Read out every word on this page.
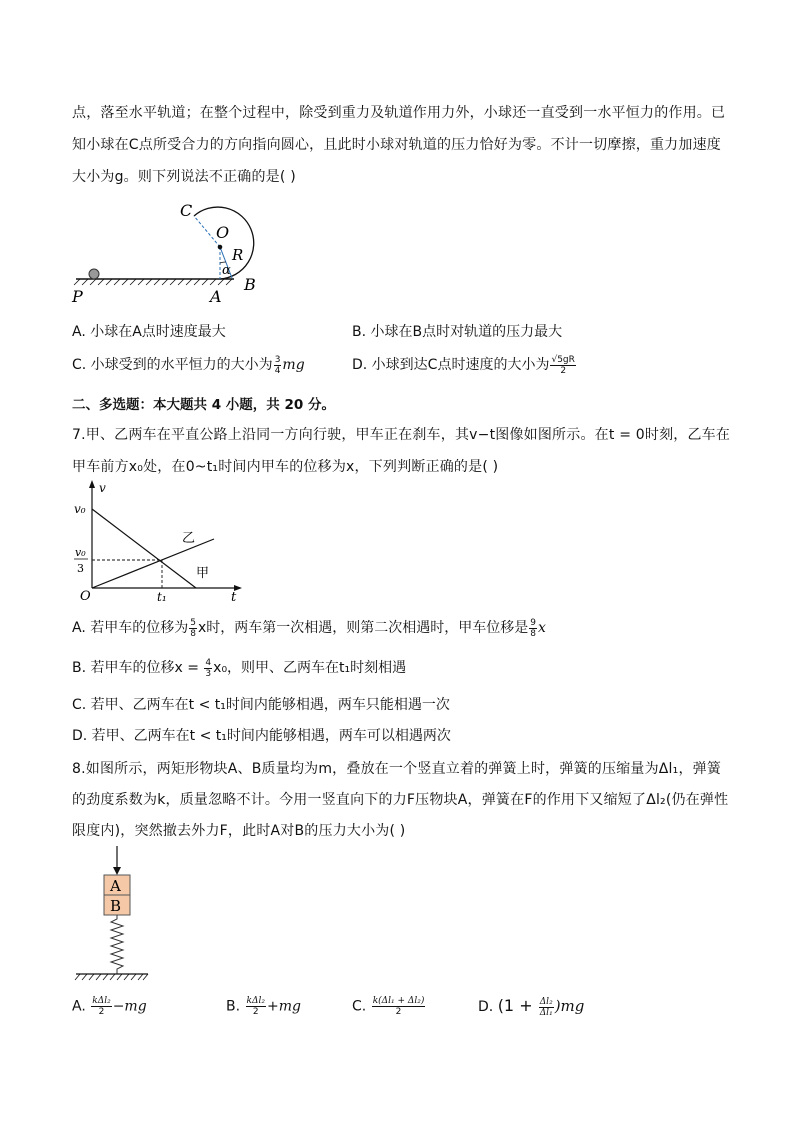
点，落至水平轨道；在整个过程中，除受到重力及轨道作用力外，小球还一直受到一水平恒力的作用。已
知小球在C点所受合力的方向指向圆心，且此时小球对轨道的压力恰好为零。不计一切摩擦，重力加速度
大小为g。则下列说法不正确的是( )
C
O
R
α
B
P	A
A. 小球在A点时速度最大	B. 小球在B点时对轨道的压力最大
C. 小球受到的水平恒力的大小为 $\frac{3}{4}$ mg	D. 小球到达C点时速度的大小为 $\frac{√5gR}{2}$
二、多选题：本大题共 4 小题，共 20 分。
7.甲、乙两车在平直公路上沿同一方向行驶，甲车正在刹车，其v−t图像如图所示。在t = 0时刻，乙车在
甲车前方x₀处，在0~t₁时间内甲车的位移为x，下列判断正确的是( )
v
v₀
v₀
3
乙
甲
O	t₁	t
A. 若甲车的位移为 $\frac{5}{8}$ x时，两车第一次相遇，则第二次相遇时，甲车位移是 $\frac{9}{8}$ x
B. 若甲车的位移$x = \frac{4}{3} x_0$，则甲、乙两车在t₁时刻相遇
C. 若甲、乙两车在t < t₁时间内能够相遇，两车只能相遇一次
D. 若甲、乙两车在t < t₁时间内能够相遇，两车可以相遇两次
8.如图所示，两矩形物块A、B质量均为m，叠放在一个竖直立着的弹簧上时，弹簧的压缩量为Δl₁，弹簧
的劲度系数为k，质量忽略不计。今用一竖直向下的力F压物块A，弹簧在F的作用下又缩短了Δl₂(仍在弹性
限度内)，突然撤去外力F，此时A对B的压力大小为( )
A
B
A. $\frac{\text{kΔl₂}}{2} -mg$	B. $\frac{\text{kΔl₂}}{2} +mg$	C. $\frac{\text{k(Δl₁ + Δl₂)}}{2}$	D. $(1 + \frac{\text{Δl₂}}{\text{Δl₁}} )mg$
